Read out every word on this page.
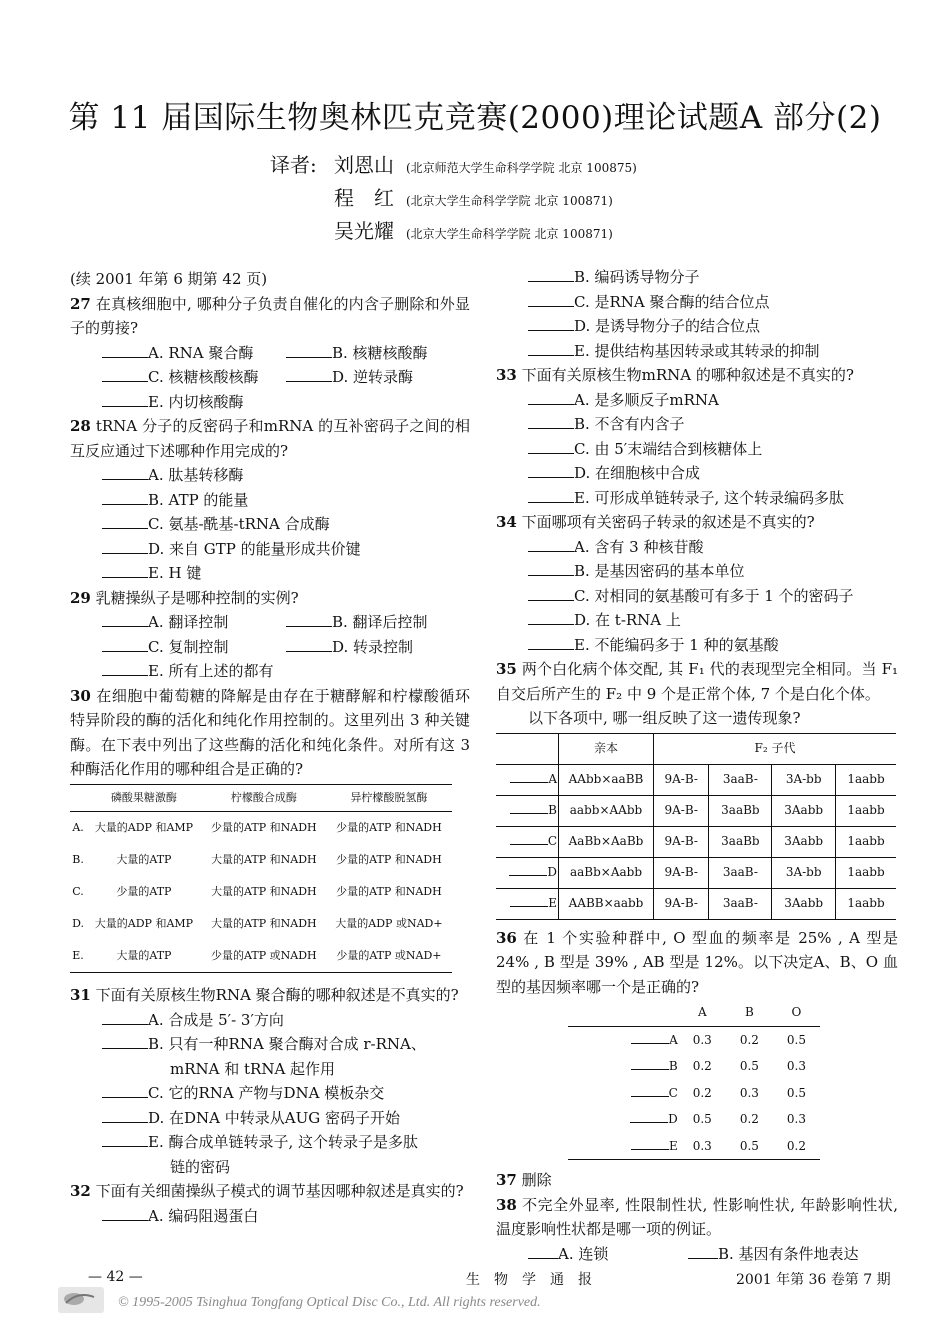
第 11 届国际生物奥林匹克竞赛(2000)理论试题A 部分(2)
译者: 刘恩山	(北京师范大学生命科学学院 北京 100875)
程　红	(北京大学生命科学学院 北京 100871)
吴光耀	(北京大学生命科学学院 北京 100871)
(续 2001 年第 6 期第 42 页)
27 在真核细胞中, 哪种分子负责自催化的内含子删除和外显子的剪接?
A. RNA 聚合酶	B. 核糖核酸酶
C. 核糖核酸核酶	D. 逆转录酶
E. 内切核酸酶
28 tRNA 分子的反密码子和mRNA 的互补密码子之间的相互反应通过下述哪种作用完成的?
A. 肽基转移酶
B. ATP 的能量
C. 氨基-酰基-tRNA 合成酶
D. 来自 GTP 的能量形成共价键
E. H 键
29 乳糖操纵子是哪种控制的实例?
A. 翻译控制	B. 翻译后控制
C. 复制控制	D. 转录控制
E. 所有上述的都有
30 在细胞中葡萄糖的降解是由存在于糖酵解和柠檬酸循环特异阶段的酶的活化和纯化作用控制的。这里列出 3 种关键酶。在下表中列出了这些酶的活化和纯化条件。对所有这 3 种酶活化作用的哪种组合是正确的?
	磷酸果糖激酶	柠檬酸合成酶	异柠檬酸脱氢酶
A.	大量的ADP 和AMP	少量的ATP 和NADH	少量的ATP 和NADH
B.	大量的ATP	大量的ATP 和NADH	少量的ATP 和NADH
C.	少量的ATP	大量的ATP 和NADH	少量的ATP 和NADH
D.	大量的ADP 和AMP	大量的ATP 和NADH	大量的ADP 或NAD+
E.	大量的ATP	少量的ATP 或NADH	少量的ATP 或NAD+
31 下面有关原核生物RNA 聚合酶的哪种叙述是不真实的?
A. 合成是 5′- 3′方向
B. 只有一种RNA 聚合酶对合成 r-RNA、
mRNA 和 tRNA 起作用
C. 它的RNA 产物与DNA 模板杂交
D. 在DNA 中转录从AUG 密码子开始
E. 酶合成单链转录子, 这个转录子是多肽
链的密码
32 下面有关细菌操纵子模式的调节基因哪种叙述是真实的?
A. 编码阻遏蛋白
B. 编码诱导物分子
C. 是RNA 聚合酶的结合位点
D. 是诱导物分子的结合位点
E. 提供结构基因转录或其转录的抑制
33 下面有关原核生物mRNA 的哪种叙述是不真实的?
A. 是多顺反子mRNA
B. 不含有内含子
C. 由 5′末端结合到核糖体上
D. 在细胞核中合成
E. 可形成单链转录子, 这个转录编码多肽
34 下面哪项有关密码子转录的叙述是不真实的?
A. 含有 3 种核苷酸
B. 是基因密码的基本单位
C. 对相同的氨基酸可有多于 1 个的密码子
D. 在 t-RNA 上
E. 不能编码多于 1 种的氨基酸
35 两个白化病个体交配, 其 F₁ 代的表现型完全相同。当 F₁ 自交后所产生的 F₂ 中 9 个是正常个体, 7 个是白化个体。
以下各项中, 哪一组反映了这一遗传现象?
	亲本	F₂ 子代			
A	AAbb×aaBB	9A-B-	3aaB-	3A-bb	1aabb
B	aabb×AAbb	9A-B-	3aaBb	3Aabb	1aabb
C	AaBb×AaBb	9A-B-	3aaBb	3Aabb	1aabb
D	aaBb×Aabb	9A-B-	3aaB-	3A-bb	1aabb
E	AABB×aabb	9A-B-	3aaB-	3Aabb	1aabb
36 在 1 个实验种群中, O 型血的频率是 25% , A 型是 24% , B 型是 39% , AB 型是 12%。以下决定A、B、O 血型的基因频率哪一个是正确的?
	A	B	O
A	0.3	0.2	0.5
B	0.2	0.5	0.3
C	0.2	0.3	0.5
D	0.5	0.2	0.3
E	0.3	0.5	0.2
37 删除
38 不完全外显率, 性限制性状, 性影响性状, 年龄影响性状, 温度影响性状都是哪一项的例证。
A. 连锁	B. 基因有条件地表达
— 42 —	生　物　学　通　报	2001 年第 36 卷第 7 期
© 1995-2005 Tsinghua Tongfang Optical Disc Co., Ltd. All rights reserved.
